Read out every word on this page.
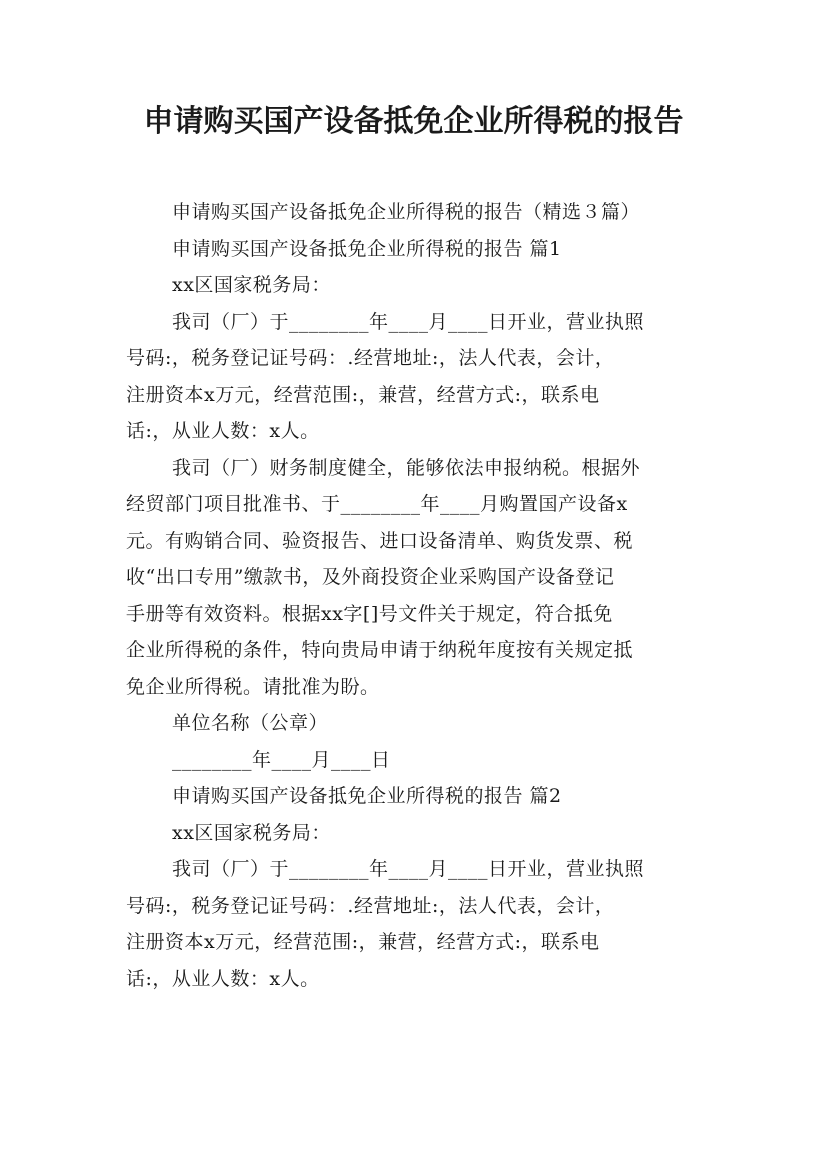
申请购买国产设备抵免企业所得税的报告
申请购买国产设备抵免企业所得税的报告（精选３篇）
申请购买国产设备抵免企业所得税的报告 篇1
xx区国家税务局：
我司（厂）于________年____月____日开业，营业执照
号码:，税务登记证号码：.经营地址:，法人代表，会计，
注册资本x万元，经营范围:，兼营，经营方式:，联系电
话:，从业人数：x人。
我司（厂）财务制度健全，能够依法申报纳税。根据外
经贸部门项目批准书、于________年____月购置国产设备x
元。有购销合同、验资报告、进口设备清单、购货发票、税
收“出口专用”缴款书，及外商投资企业采购国产设备登记
手册等有效资料。根据xx字[]号文件关于规定，符合抵免
企业所得税的条件，特向贵局申请于纳税年度按有关规定抵
免企业所得税。请批准为盼。
单位名称（公章）
________年____月____日
申请购买国产设备抵免企业所得税的报告 篇2
xx区国家税务局：
我司（厂）于________年____月____日开业，营业执照
号码:，税务登记证号码：.经营地址:，法人代表，会计，
注册资本x万元，经营范围:，兼营，经营方式:，联系电
话:，从业人数：x人。
